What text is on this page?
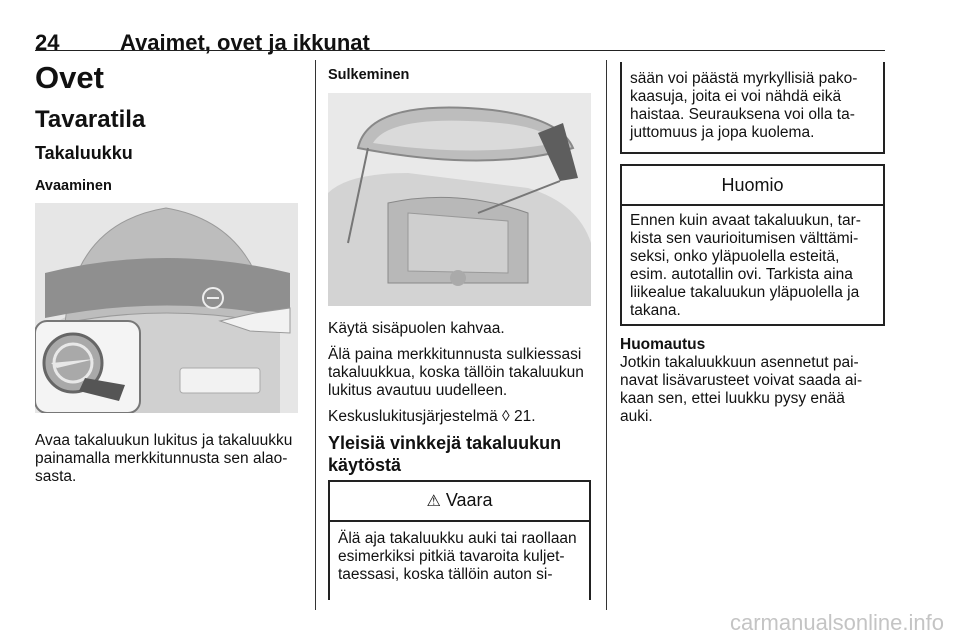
24	Avaimet, ovet ja ikkunat
Ovet
Tavaratila
Takaluukku
Avaaminen
Avaa takaluukun lukitus ja takaluukku
painamalla merkkitunnusta sen alao-
sasta.
Sulkeminen
Käytä sisäpuolen kahvaa.
Älä paina merkkitunnusta sulkiessasi
takaluukkua, koska tällöin takaluukun
lukitus avautuu uudelleen.
Keskuslukitusjärjestelmä ◊ 21.
Yleisiä vinkkejä takaluukun
käytöstä
⚠ Vaara
Älä aja takaluukku auki tai raollaan
esimerkiksi pitkiä tavaroita kuljet-
taessasi, koska tällöin auton si-
sään voi päästä myrkyllisiä pako-
kaasuja, joita ei voi nähdä eikä
haistaa. Seurauksena voi olla ta-
juttomuus ja jopa kuolema.
Huomio
Ennen kuin avaat takaluukun, tar-
kista sen vaurioitumisen välttämi-
seksi, onko yläpuolella esteitä,
esim. autotallin ovi. Tarkista aina
liikealue takaluukun yläpuolella ja
takana.
Huomautus
Jotkin takaluukkuun asennetut pai-
navat lisävarusteet voivat saada ai-
kaan sen, ettei luukku pysy enää
auki.
carmanualsonline.info
